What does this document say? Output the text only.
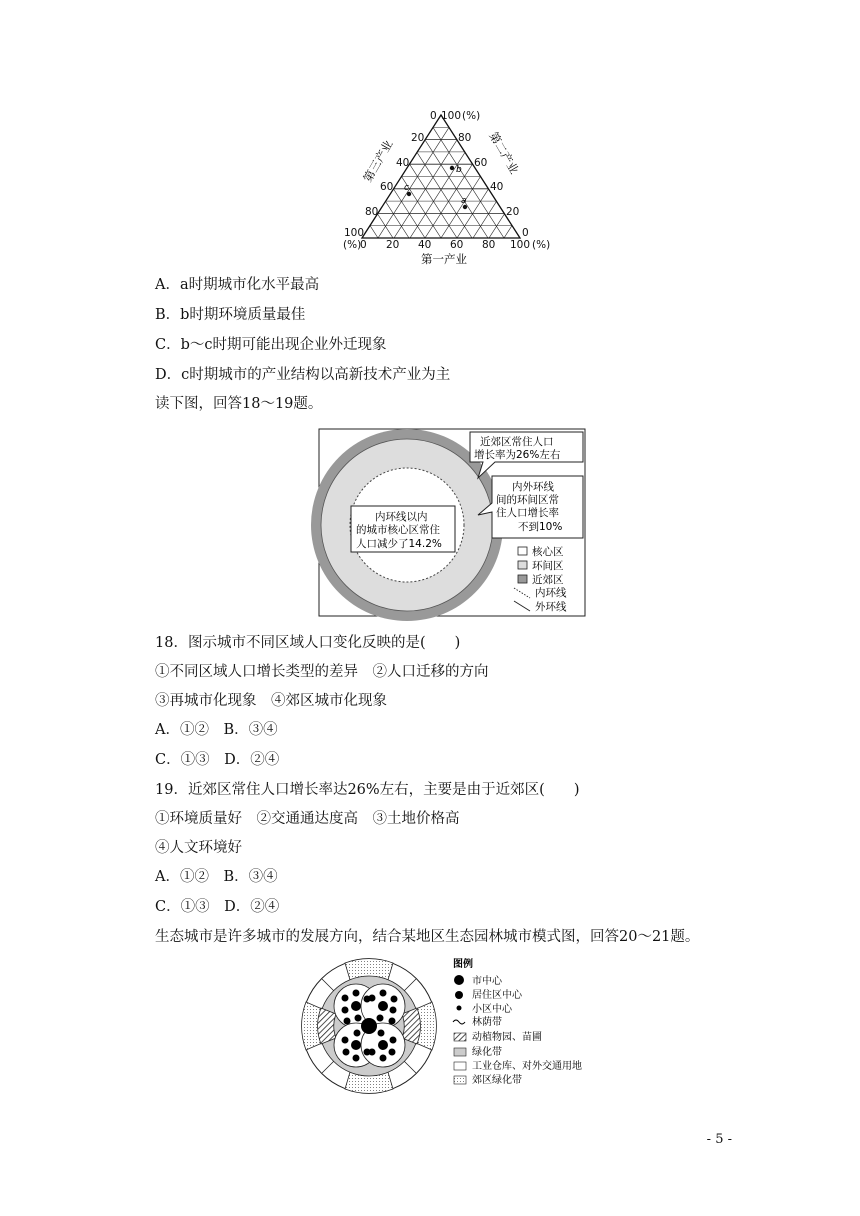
b
c
a
0 100 (%)
20
40
60
80
80
60
40
20
100
(%)
0
(%)
0 20 40 60 80 100
第三产业	第二产业
第一产业
A．a时期城市化水平最高
B．b时期环境质量最佳
C．b～c时期可能出现企业外迁现象
D．c时期城市的产业结构以高新技术产业为主
读下图，回答18～19题。
近郊区常住人口
增长率为26%左右
内外环线
间的环间区常
住人口增长率
不到10%
内环线以内
的城市核心区常住
人口减少了14.2%
核心区
环间区
近郊区
内环线
外环线
18．图示城市不同区域人口变化反映的是(　　)
①不同区域人口增长类型的差异　②人口迁移的方向
③再城市化现象　④郊区城市化现象
A．①②　B．③④
C．①③　D．②④
19．近郊区常住人口增长率达26%左右，主要是由于近郊区(　　)
①环境质量好　②交通通达度高　③土地价格高
④人文环境好
A．①②　B．③④
C．①③　D．②④
生态城市是许多城市的发展方向，结合某地区生态园林城市模式图，回答20～21题。
图例
市中心
居住区中心
小区中心
林荫带
动植物园、苗圃
绿化带
工业仓库、对外交通用地
郊区绿化带
- 5 -
